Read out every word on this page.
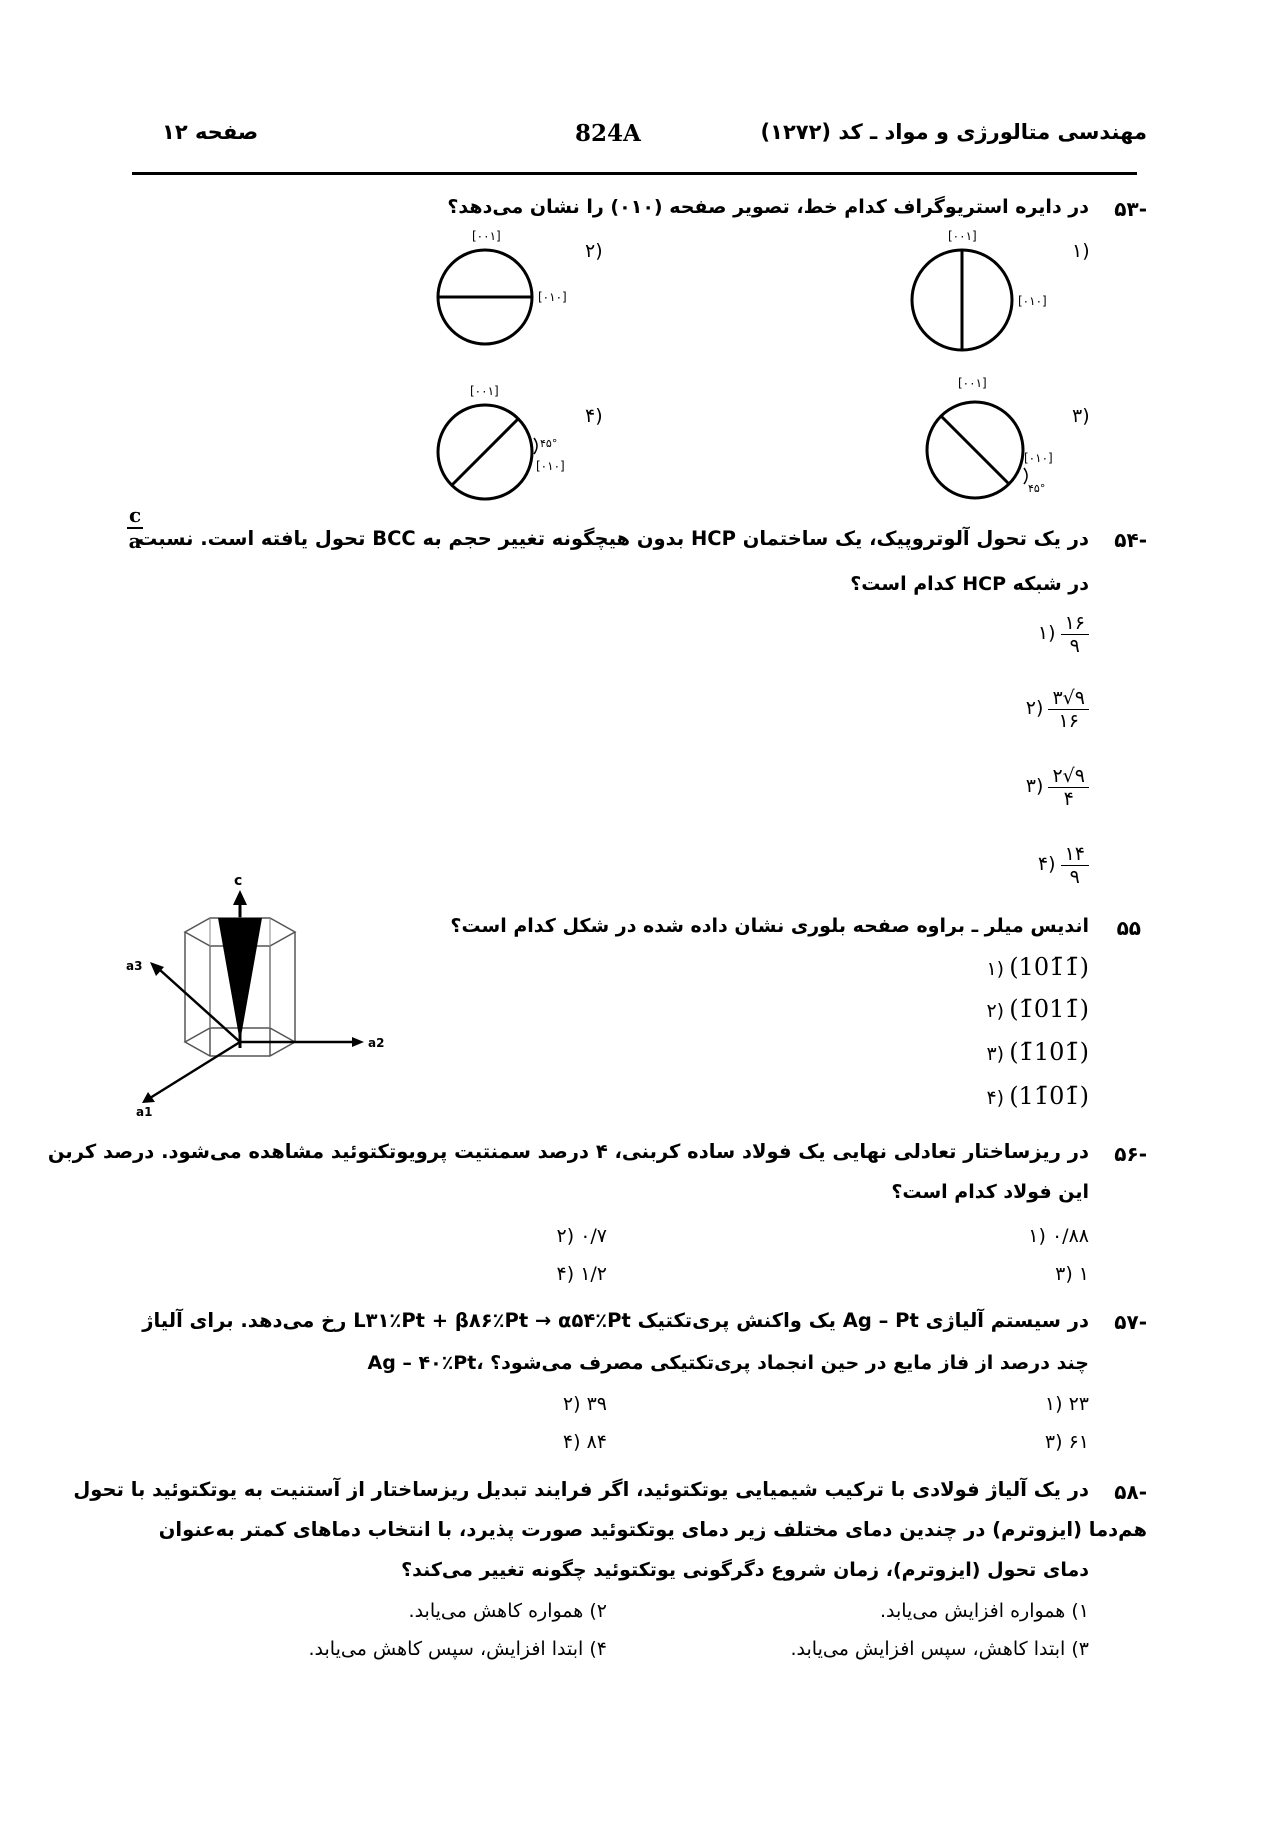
مهندسی متالورژی و مواد ـ کد (۱۲۷۲)
824A
صفحه ۱۲
۵۳-
در دایره استریوگراف کدام خط، تصویر صفحه (۰۱۰) را نشان می‌دهد؟
۱)
۲)
۳)
۴)
[۰۰۱]
[۰۱۰]
[۰۰۱]
[۰۱۰]
[۰۰۱]
۴۵°
[۰۱۰]
[۰۰۱]
[۰۱۰]
۴۵°
۵۴-
در یک تحول آلوتروپیک، یک ساختمان HCP بدون هیچگونه تغییر حجم به BCC تحول یافته است. نسبت
c
a
در شبکه HCP کدام است؟
۱) $\frac{۱۶}{۹}$
۲) $\frac{۹√۳}{۱۶}$
۳) $\frac{۹√۲}{۴}$
۴) $\frac{۱۴}{۹}$
۵۵
اندیس میلر ـ براوه صفحه بلوری نشان داده شده در شکل کدام است؟
۱) (101̄1̄)
۲) (1̄011̄)
۳) (1̄101̄)
۴) (11̄01̄)
c
a2
a1
a3
۵۶-
در ریزساختار تعادلی نهایی یک فولاد ساده کربنی، ۴ درصد سمنتیت پرویوتکتوئید مشاهده می‌شود. درصد کربن
این فولاد کدام است؟
۱) ۰/۸۸
۲) ۰/۷
۳) ۱
۴) ۱/۲
۵۷-
در سیستم آلیاژی Ag – Pt یک واکنش پری‌تکتیک L۳۱٪Pt + β۸۶٪Pt → α۵۴٪Pt رخ می‌دهد. برای آلیاژ
Ag – ۴۰٪Pt، چند درصد از فاز مایع در حین انجماد پری‌تکتیکی مصرف می‌شود؟
۱) ۲۳
۲) ۳۹
۳) ۶۱
۴) ۸۴
۵۸-
در یک آلیاژ فولادی با ترکیب شیمیایی یوتکتوئید، اگر فرایند تبدیل ریزساختار از آستنیت به یوتکتوئید با تحول
هم‌دما (ایزوترم) در چندین دمای مختلف زیر دمای یوتکتوئید صورت پذیرد، با انتخاب دماهای کمتر به‌عنوان
دمای تحول (ایزوترم)، زمان شروع دگرگونی یوتکتوئید چگونه تغییر می‌کند؟
۱) همواره افزایش می‌یابد.
۲) همواره کاهش می‌یابد.
۳) ابتدا کاهش، سپس افزایش می‌یابد.
۴) ابتدا افزایش، سپس کاهش می‌یابد.
